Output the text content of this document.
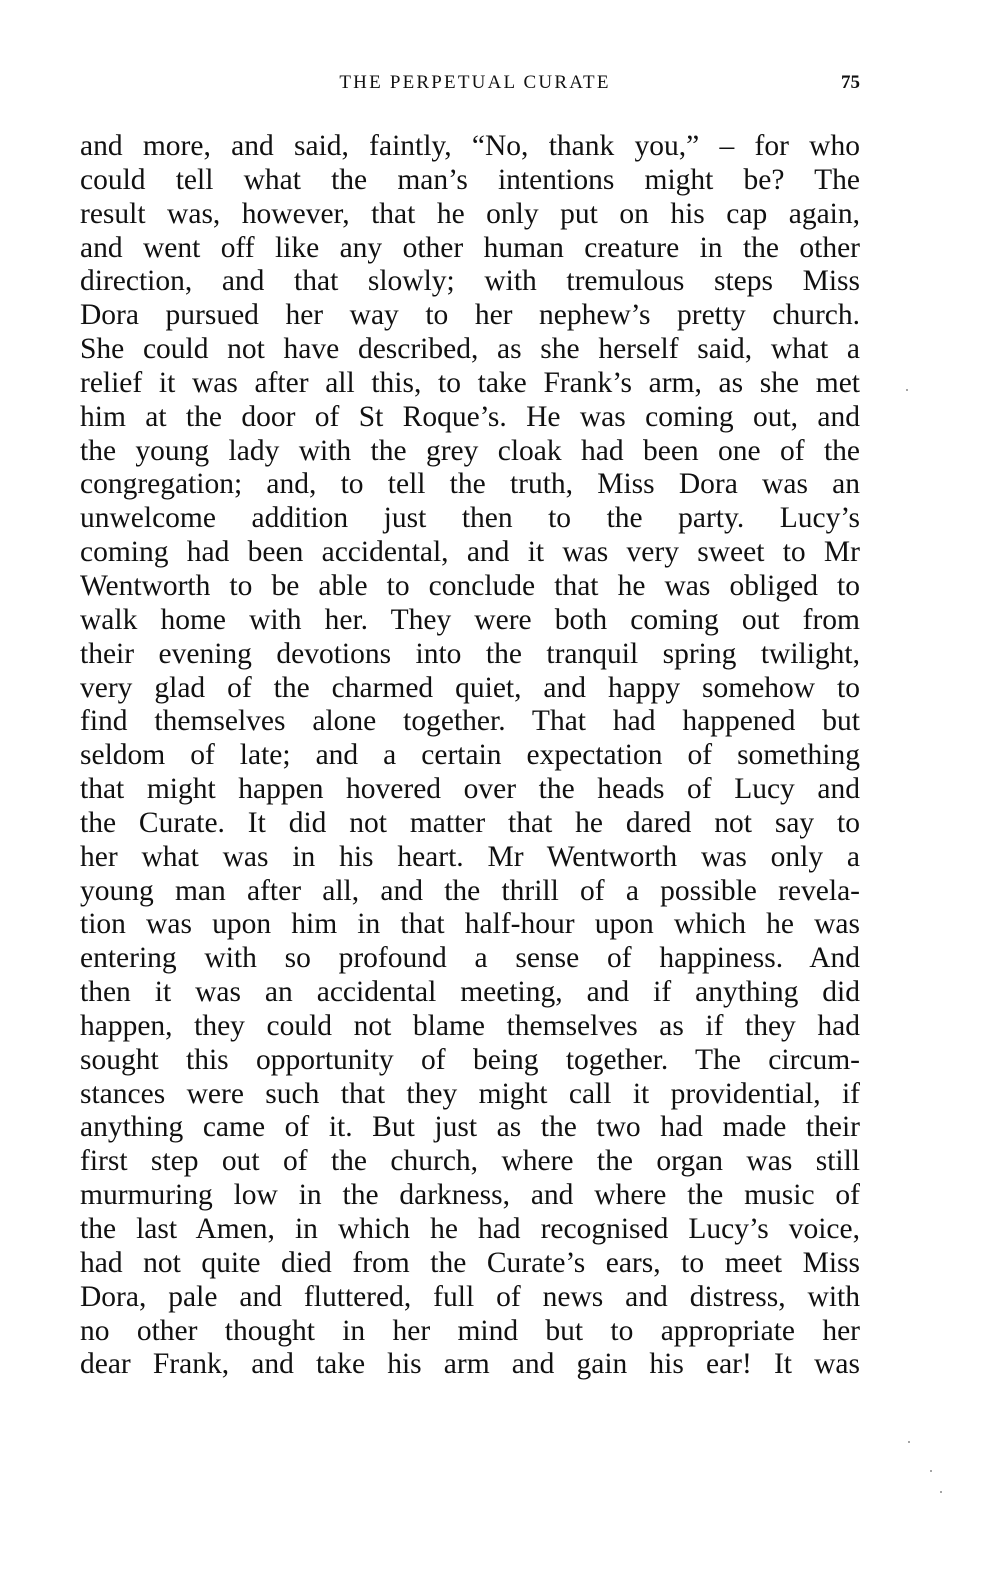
THE PERPETUAL CURATE	75
and more, and said, faintly, “No, thank you,” – for who
could tell what the man’s intentions might be? The
result was, however, that he only put on his cap again,
and went off like any other human creature in the other
direction, and that slowly; with tremulous steps Miss
Dora pursued her way to her nephew’s pretty church.
She could not have described, as she herself said, what a
relief it was after all this, to take Frank’s arm, as she met
him at the door of St Roque’s. He was coming out, and
the young lady with the grey cloak had been one of the
congregation; and, to tell the truth, Miss Dora was an
unwelcome addition just then to the party. Lucy’s
coming had been accidental, and it was very sweet to Mr
Wentworth to be able to conclude that he was obliged to
walk home with her. They were both coming out from
their evening devotions into the tranquil spring twilight,
very glad of the charmed quiet, and happy somehow to
find themselves alone together. That had happened but
seldom of late; and a certain expectation of something
that might happen hovered over the heads of Lucy and
the Curate. It did not matter that he dared not say to
her what was in his heart. Mr Wentworth was only a
young man after all, and the thrill of a possible revela-
tion was upon him in that half-hour upon which he was
entering with so profound a sense of happiness. And
then it was an accidental meeting, and if anything did
happen, they could not blame themselves as if they had
sought this opportunity of being together. The circum-
stances were such that they might call it providential, if
anything came of it. But just as the two had made their
first step out of the church, where the organ was still
murmuring low in the darkness, and where the music of
the last Amen, in which he had recognised Lucy’s voice,
had not quite died from the Curate’s ears, to meet Miss
Dora, pale and fluttered, full of news and distress, with
no other thought in her mind but to appropriate her
dear Frank, and take his arm and gain his ear! It was
